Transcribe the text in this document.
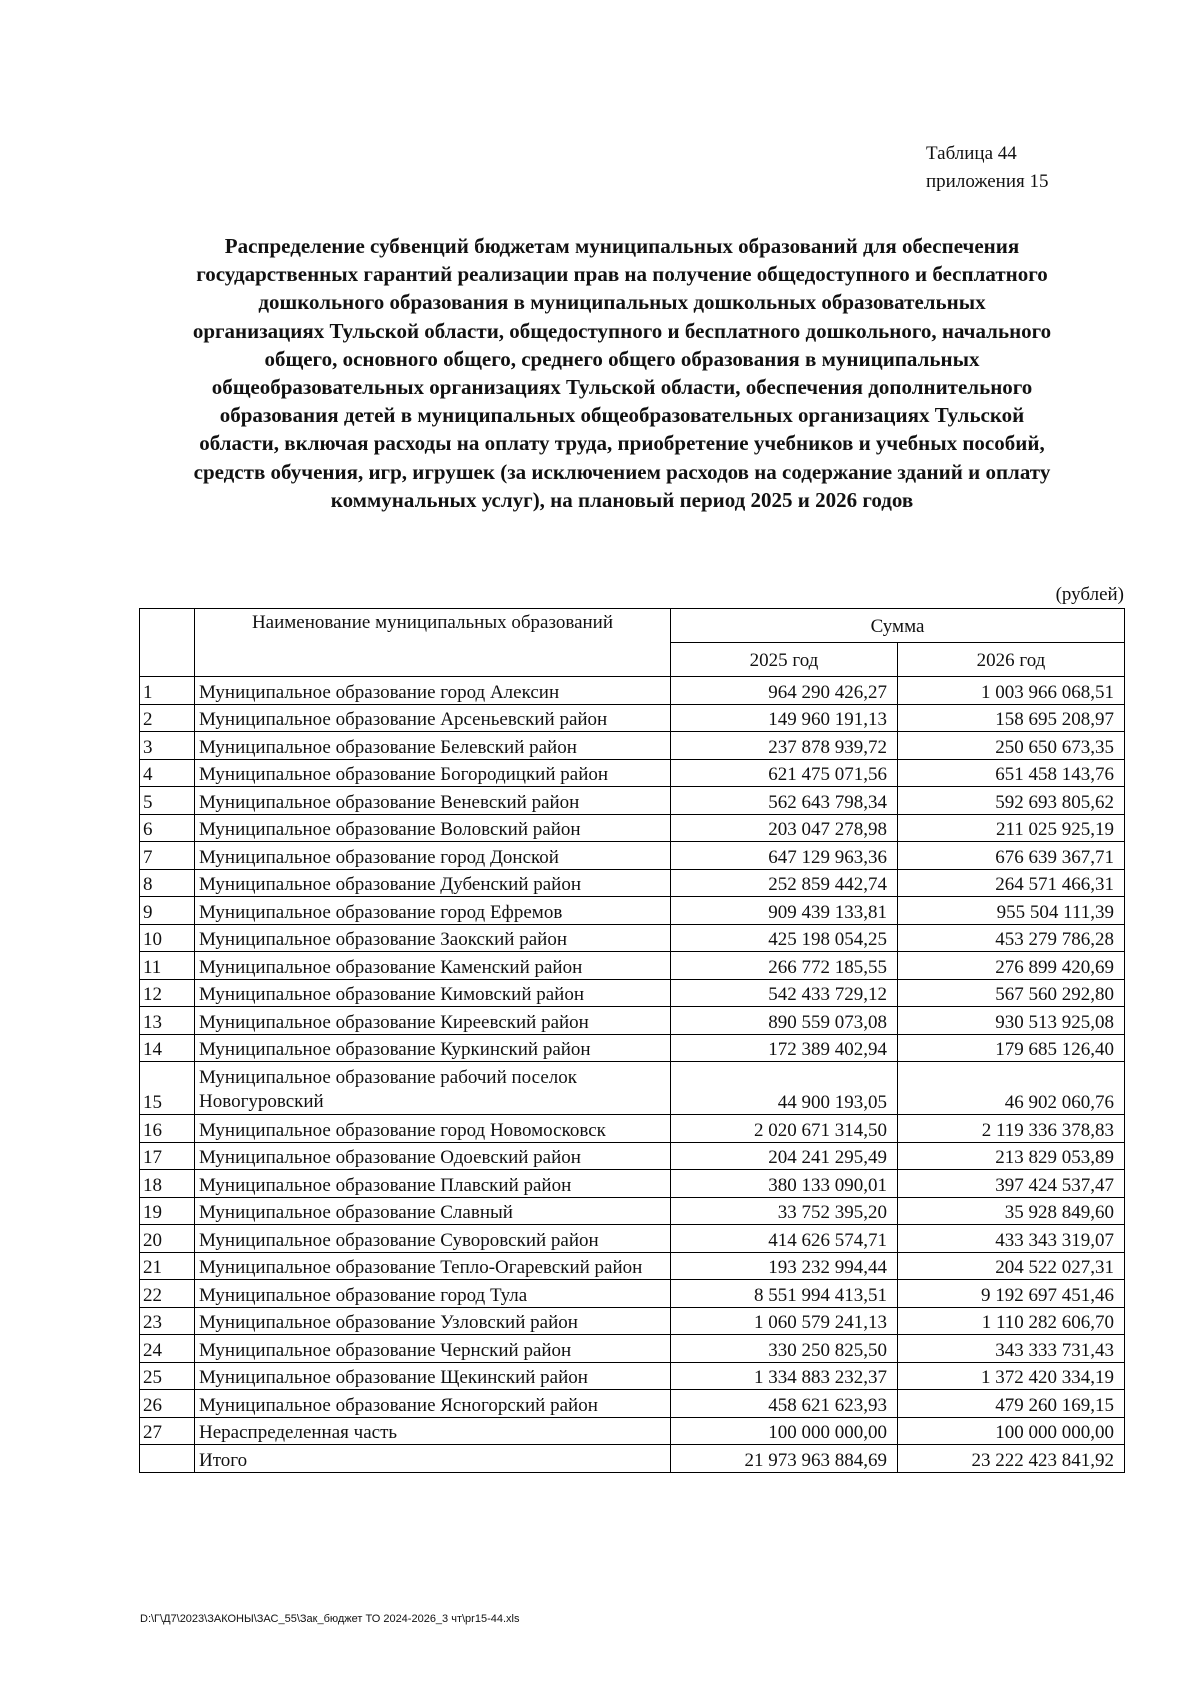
Таблица 44
приложения 15
Распределение субвенций бюджетам муниципальных образований для обеспечения
государственных гарантий реализации прав на получение общедоступного и бесплатного
дошкольного образования в муниципальных дошкольных образовательных
организациях Тульской области, общедоступного и бесплатного дошкольного, начального
общего, основного общего, среднего общего образования в муниципальных
общеобразовательных организациях Тульской области, обеспечения дополнительного
образования детей в муниципальных общеобразовательных организациях Тульской
области, включая расходы на оплату труда, приобретение учебников и учебных пособий,
средств обучения, игр, игрушек (за исключением расходов на содержание зданий и оплату
коммунальных услуг), на плановый период 2025 и 2026 годов
(рублей)
	Наименование муниципальных образований	Сумма	
		2025 год	2026 год
1	Муниципальное образование город Алексин	964 290 426,27	1 003 966 068,51
2	Муниципальное образование Арсеньевский район	149 960 191,13	158 695 208,97
3	Муниципальное образование Белевский район	237 878 939,72	250 650 673,35
4	Муниципальное образование Богородицкий район	621 475 071,56	651 458 143,76
5	Муниципальное образование Веневский район	562 643 798,34	592 693 805,62
6	Муниципальное образование Воловский район	203 047 278,98	211 025 925,19
7	Муниципальное образование город Донской	647 129 963,36	676 639 367,71
8	Муниципальное образование Дубенский район	252 859 442,74	264 571 466,31
9	Муниципальное образование город Ефремов	909 439 133,81	955 504 111,39
10	Муниципальное образование Заокский район	425 198 054,25	453 279 786,28
11	Муниципальное образование Каменский район	266 772 185,55	276 899 420,69
12	Муниципальное образование Кимовский район	542 433 729,12	567 560 292,80
13	Муниципальное образование Киреевский район	890 559 073,08	930 513 925,08
14	Муниципальное образование Куркинский район	172 389 402,94	179 685 126,40
15	Муниципальное образование рабочий поселок Новогуровский	44 900 193,05	46 902 060,76
16	Муниципальное образование город Новомосковск	2 020 671 314,50	2 119 336 378,83
17	Муниципальное образование Одоевский район	204 241 295,49	213 829 053,89
18	Муниципальное образование Плавский район	380 133 090,01	397 424 537,47
19	Муниципальное образование Славный	33 752 395,20	35 928 849,60
20	Муниципальное образование Суворовский район	414 626 574,71	433 343 319,07
21	Муниципальное образование Тепло-Огаревский район	193 232 994,44	204 522 027,31
22	Муниципальное образование город Тула	8 551 994 413,51	9 192 697 451,46
23	Муниципальное образование Узловский район	1 060 579 241,13	1 110 282 606,70
24	Муниципальное образование Чернский район	330 250 825,50	343 333 731,43
25	Муниципальное образование Щекинский район	1 334 883 232,37	1 372 420 334,19
26	Муниципальное образование Ясногорский район	458 621 623,93	479 260 169,15
27	Нераспределенная часть	100 000 000,00	100 000 000,00
	Итого	21 973 963 884,69	23 222 423 841,92
D:\Г\Д7\2023\ЗАКОНЫ\ЗАС_55\Зак_бюджет ТО 2024-2026_3 чт\pr15-44.xls
